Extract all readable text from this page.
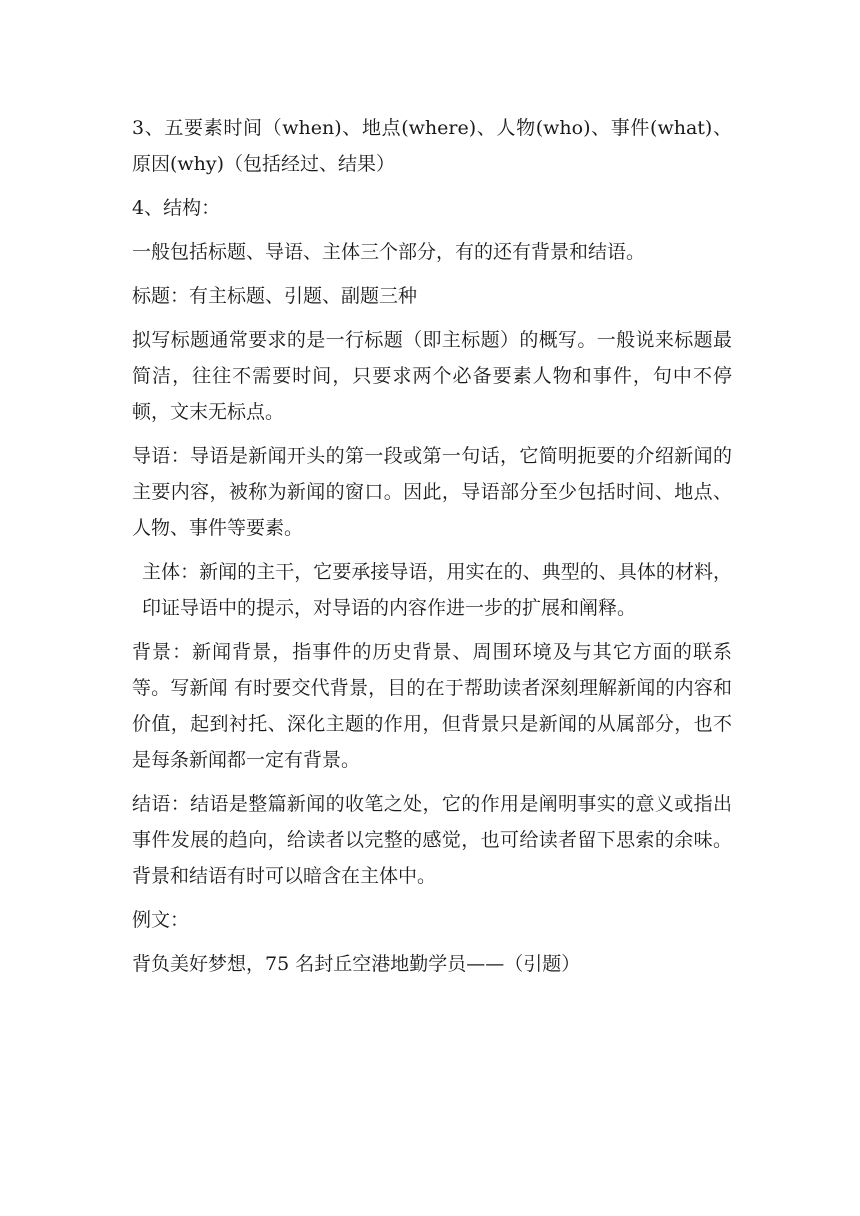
3、五要素时间（when)、地点(where)、人物(who)、事件(what)、原因(why)（包括经过、结果）

4、结构：

一般包括标题、导语、主体三个部分，有的还有背景和结语。

标题：有主标题、引题、副题三种

拟写标题通常要求的是一行标题（即主标题）的概写。一般说来标题最简洁，往往不需要时间，只要求两个必备要素人物和事件，句中不停顿，文末无标点。

导语：导语是新闻开头的第一段或第一句话，它简明扼要的介绍新闻的主要内容，被称为新闻的窗口。因此，导语部分至少包括时间、地点、人物、事件等要素。

主体：新闻的主干，它要承接导语，用实在的、典型的、具体的材料，印证导语中的提示，对导语的内容作进一步的扩展和阐释。

背景：新闻背景，指事件的历史背景、周围环境及与其它方面的联系等。写新闻 有时要交代背景，目的在于帮助读者深刻理解新闻的内容和价值，起到衬托、深化主题的作用，但背景只是新闻的从属部分，也不是每条新闻都一定有背景。

结语：结语是整篇新闻的收笔之处，它的作用是阐明事实的意义或指出事件发展的趋向，给读者以完整的感觉，也可给读者留下思索的余味。背景和结语有时可以暗含在主体中。

例文：

背负美好梦想，75 名封丘空港地勤学员——（引题）
